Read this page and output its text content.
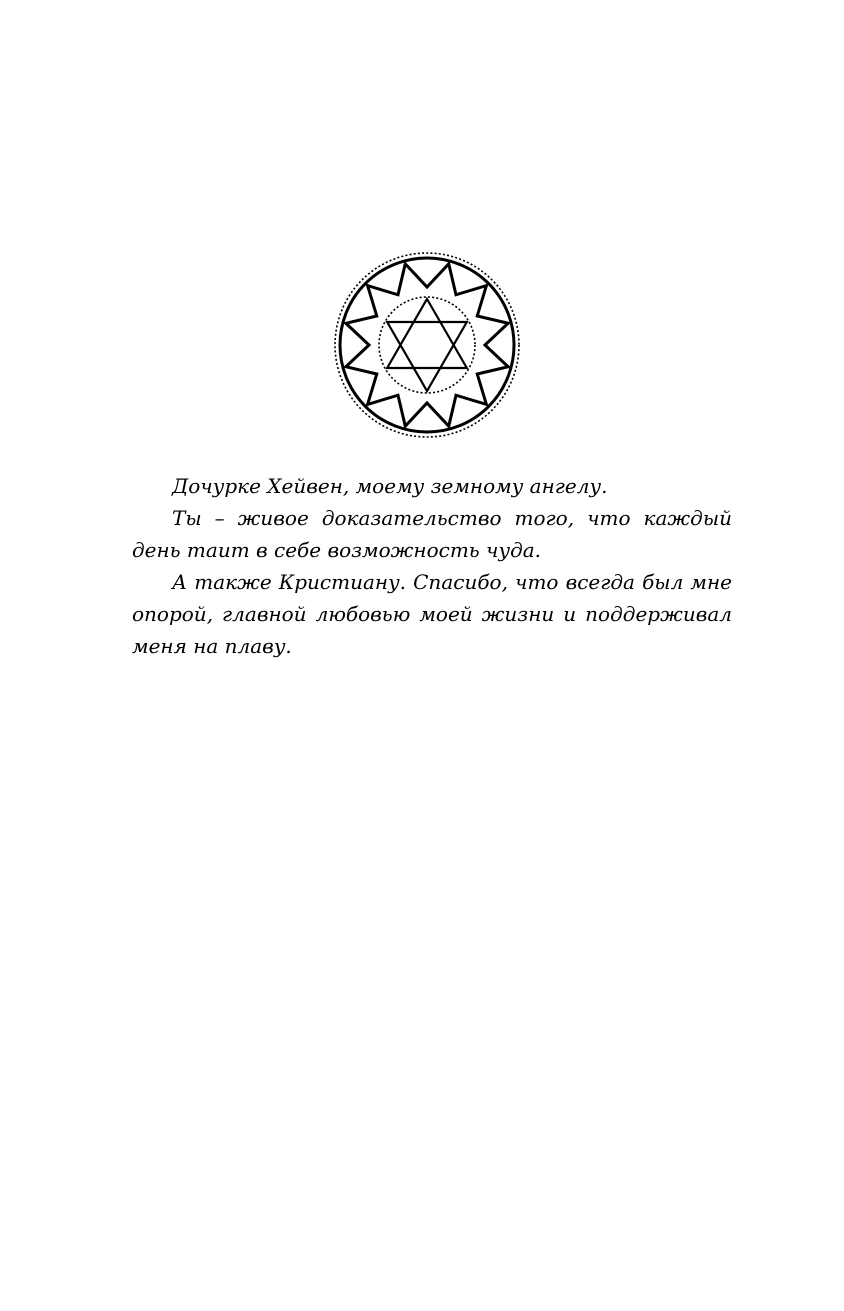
Дочурке Хейвен, моему земному ангелу.

Ты – живое доказательство того, что каждый день таит в себе возможность чуда.

А также Кристиану. Спасибо, что всегда был мне опорой, главной любовью моей жизни и поддерживал меня на плаву.
